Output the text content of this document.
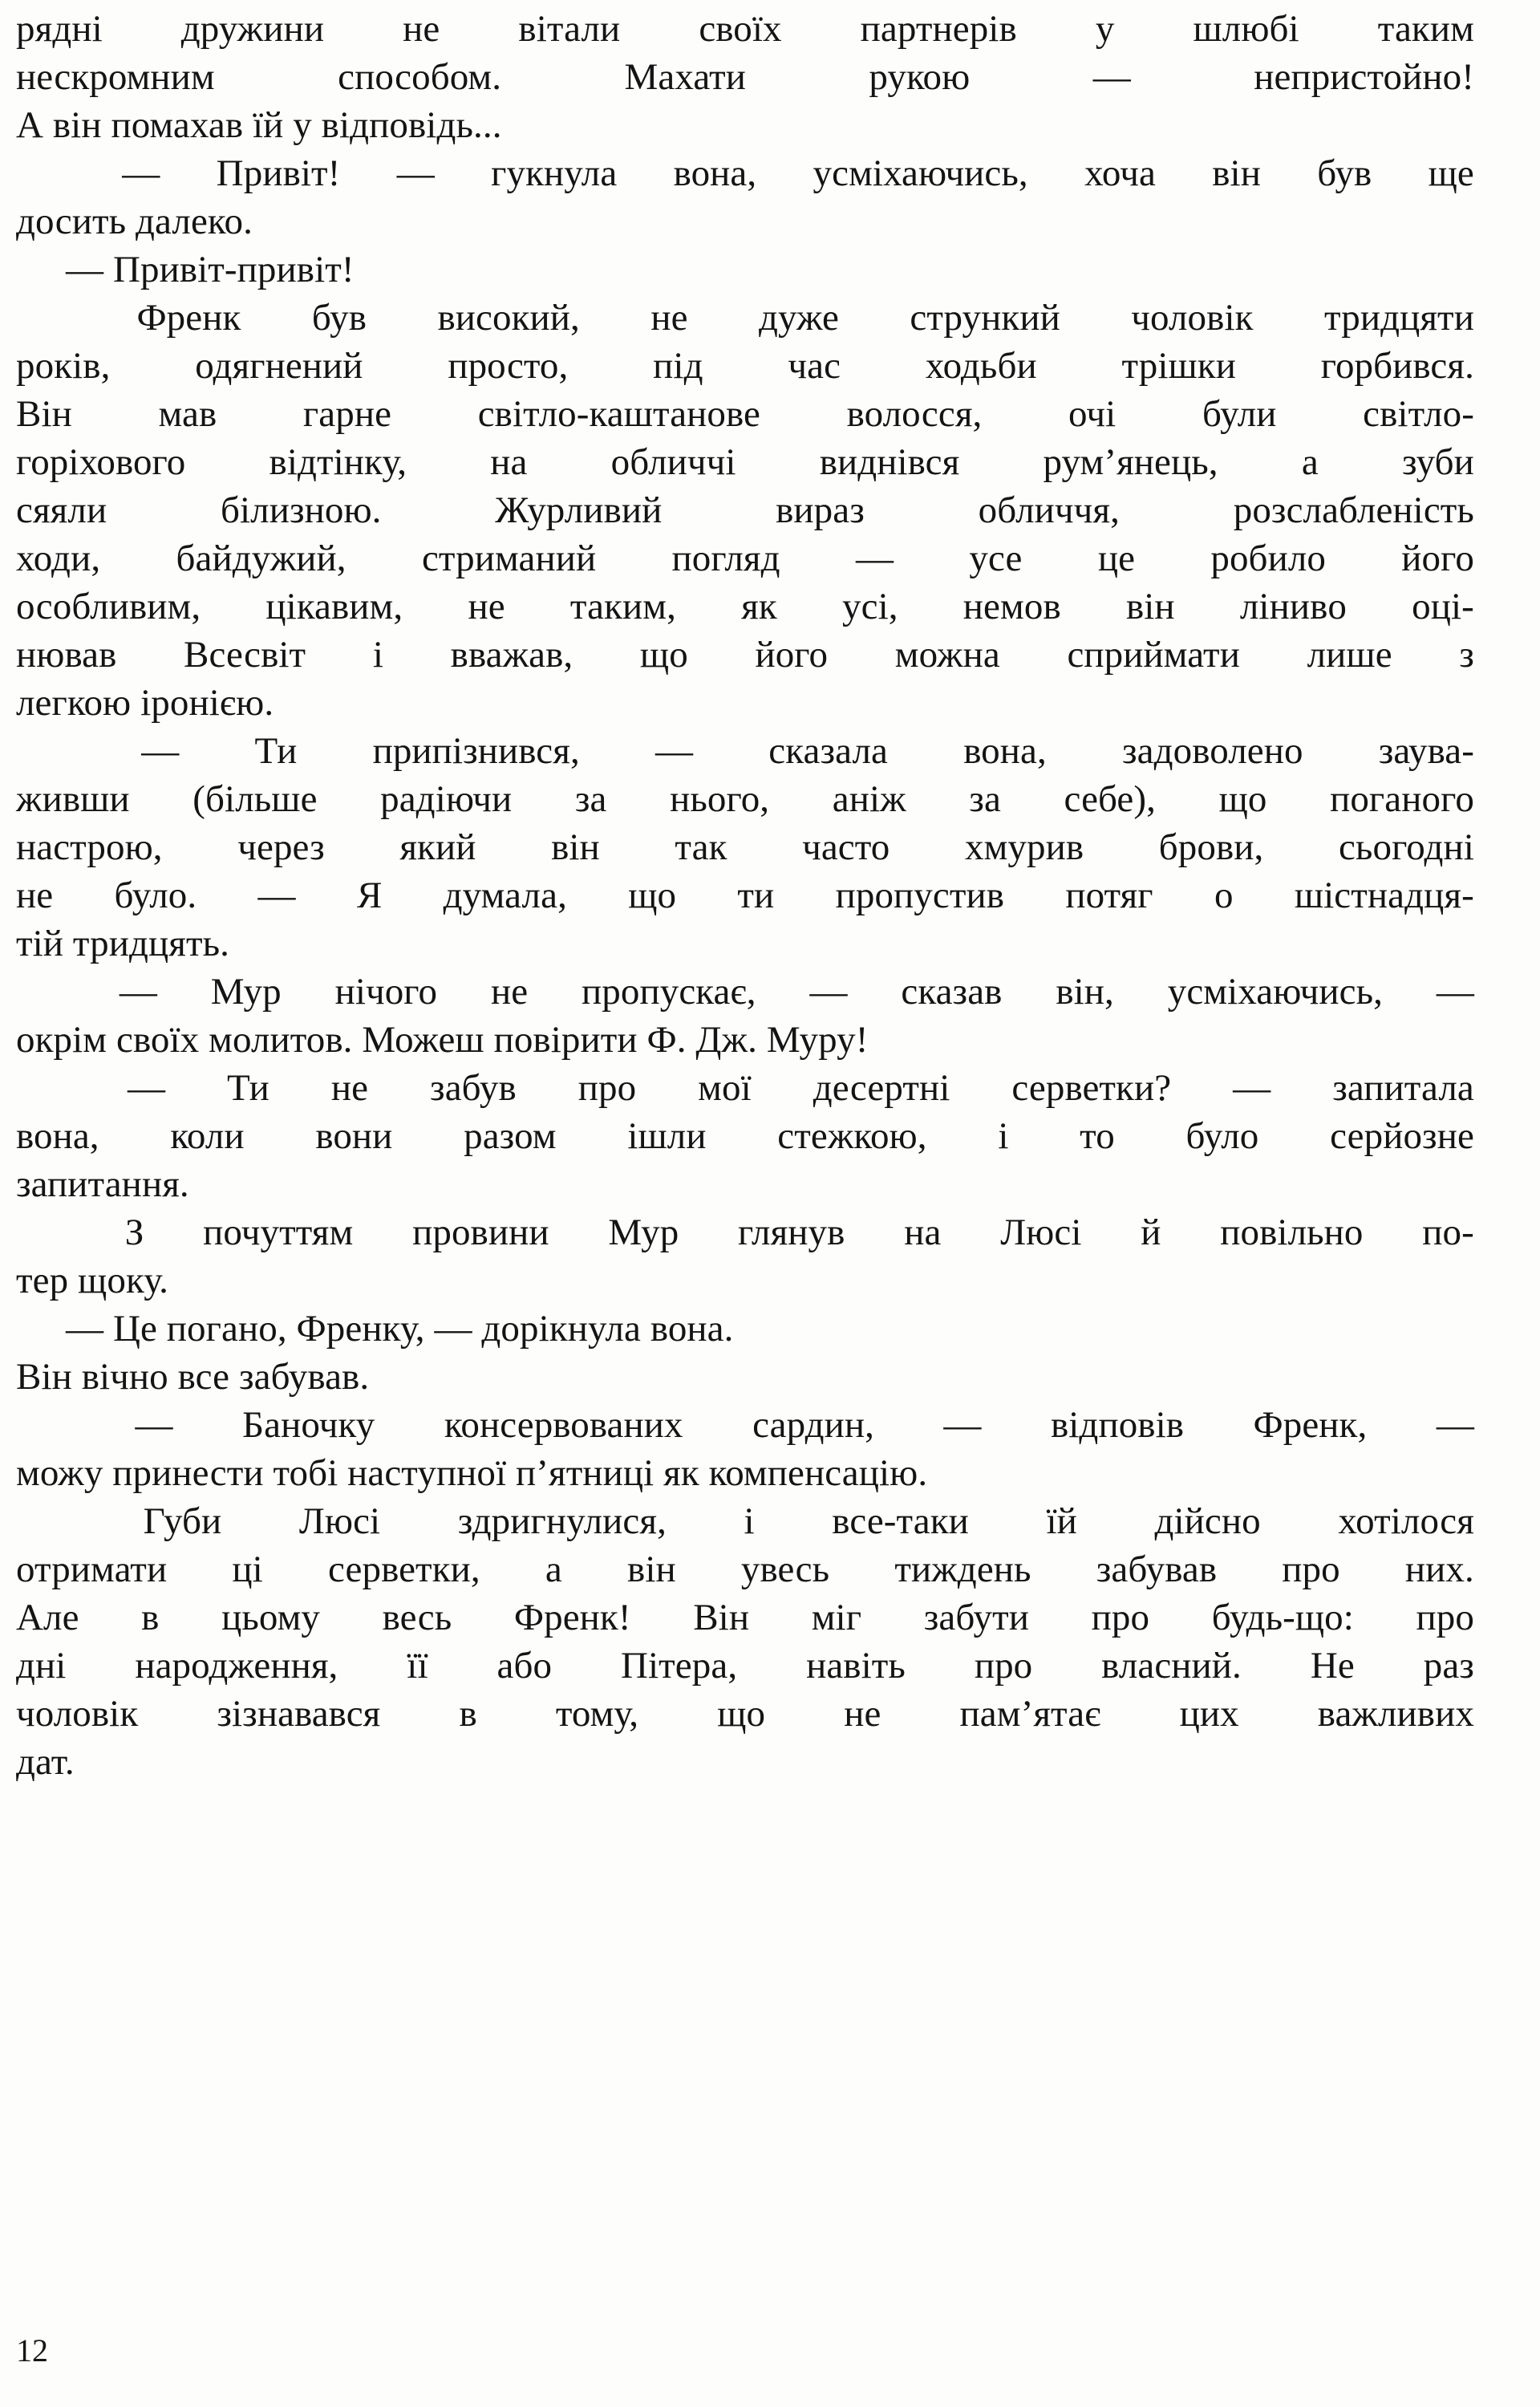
рядні дружини не вітали своїх партнерів у шлюбі таким
нескромним	способом.	Махати	рукою	—	непристойно!
А він помахав їй у відповідь...
— Привіт! — гукнула вона, усміхаючись, хоча він був ще
досить далеко.
— Привіт-привіт!
Френк був високий, не дуже стрункий чоловік тридцяти
років, одягнений просто, під час ходьби трішки горбився.
Він мав гарне світло-каштанове волосся, очі були світло-
горіхового відтінку, на обличчі виднівся рум’янець, а зуби
сяяли	білизною.	Журливий	вираз	обличчя,	розслабленість
ходи, байдужий, стриманий погляд — усе це робило його
особливим, цікавим, не таким, як усі, немов він лінивo оці-
нював Всесвіт і вважав, що його можна сприймати лише з
легкою іронією.
— Ти припізнився, — сказала вона, задоволено заува-
живши (більше радіючи за нього, аніж за себе), що поганого
настрою, через який він так часто хмурив брови, сьогодні
не було. — Я думала, що ти пропустив потяг о шістнадця-
тій тридцять.
— Мур нічого не пропускає, — сказав він, усміхаючись, —
окрім своїх молитов. Можеш повірити Ф. Дж. Муру!
— Ти не забув про мої десертні серветки? — запитала
вона, коли вони разом ішли стежкою, і то було серйозне
запитання.
З почуттям провини Мур глянув на Люсі й повільно по-
тер щоку.
— Це погано, Френку, — дорікнула вона.
Він вічно все забував.
— Баночку консервованих сардин, — відповів Френк, —
можу принести тобі наступної п’ятниці як компенсацію.
Губи Люсі здригнулися, і все-таки їй дійсно хотілося
отримати ці серветки, а він увесь тиждень забував про них.
Але в цьому весь Френк! Він міг забути про будь-що: про
дні народження, її або Пітера, навіть про власний. Не раз
чоловік зізнавався в тому, що не пам’ятає цих важливих
дат.
12
